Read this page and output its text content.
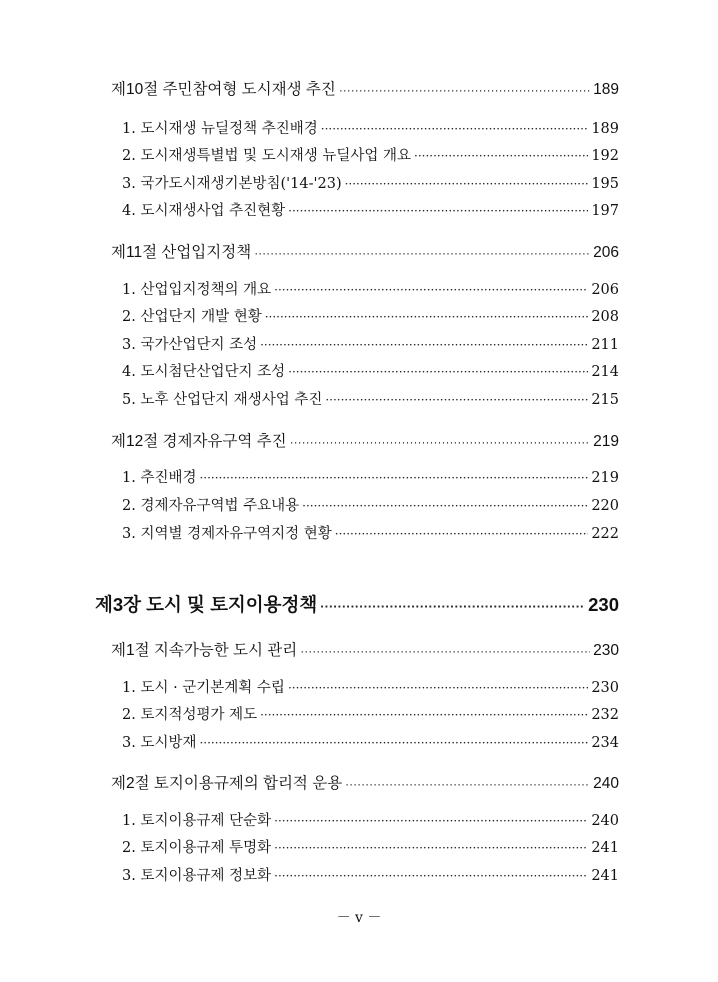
제10절 주민참여형 도시재생 추진 ·····	189
1. 도시재생 뉴딜정책 추진배경 ·····	189
2. 도시재생특별법 및 도시재생 뉴딜사업 개요 ·····	192
3. 국가도시재생기본방침('14-'23) ·····	195
4. 도시재생사업 추진현황 ·····	197
제11절 산업입지정책 ·····	206
1. 산업입지정책의 개요 ·····	206
2. 산업단지 개발 현황 ·····	208
3. 국가산업단지 조성 ·····	211
4. 도시첨단산업단지 조성 ·····	214
5. 노후 산업단지 재생사업 추진 ·····	215
제12절 경제자유구역 추진 ·····	219
1. 추진배경 ·····	219
2. 경제자유구역법 주요내용 ·····	220
3. 지역별 경제자유구역지정 현황 ·····	222
제3장 도시 및 토지이용정책 ·····	230
제1절 지속가능한 도시 관리 ·····	230
1. 도시 · 군기본계획 수립 ·····	230
2. 토지적성평가 제도 ·····	232
3. 도시방재 ·····	234
제2절 토지이용규제의 합리적 운용 ·····	240
1. 토지이용규제 단순화 ·····	240
2. 토지이용규제 투명화 ·····	241
3. 토지이용규제 정보화 ·····	241
－ v －
